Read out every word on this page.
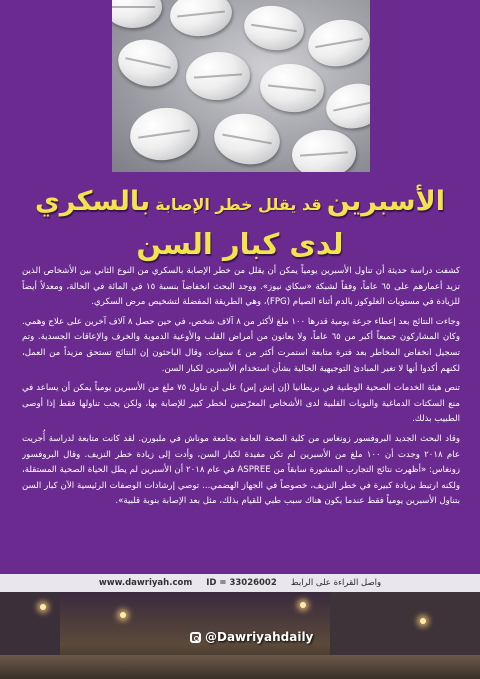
الأسبرين قد يقلل خطر الإصابة بالسكري
لدى كبار السن

كشفت دراسة حديثة أن تناول الأسبرين يومياً يمكن أن يقلل من خطر الإصابة بالسكري من النوع الثاني بين الأشخاص الذين تزيد أعمارهم على ٦٥ عاماً، وفقاً لشبكة «سكاي نيوز». ووجد البحث انخفاضاً بنسبة ١٥ في المائة في الحالة، ومعدلاً أيضاً للزيادة في مستويات الغلوكوز بالدم أثناء الصيام (FPG)، وهي الطريقة المفضلة لتشخيص مرض السكري.

وجاءت النتائج بعد إعطاء جرعة يومية قدرها ١٠٠ ملغ لأكثر من ٨ آلاف شخص، في حين حصل ٨ آلاف آخرين على علاج وهمي. وكان المشاركون جميعاً أكبر من ٦٥ عاماً، ولا يعانون من أمراض القلب والأوعية الدموية والخرف والإعاقات الجسدية. وتم تسجيل انخفاض المخاطر بعد فترة متابعة استمرت أكثر من ٤ سنوات. وقال الباحثون إن النتائج تستحق مزيداً من العمل، لكنهم أكدوا أنها لا تغير المبادئ التوجيهية الحالية بشأن استخدام الأسبرين لكبار السن.

تنص هيئة الخدمات الصحية الوطنية في بريطانيا (إن إتش إس) على أن تناول ٧٥ ملغ من الأسبرين يومياً يمكن أن يساعد في منع السكتات الدماغية والنوبات القلبية لدى الأشخاص المعرّضين لخطر كبير للإصابة بها، ولكن يجب تناولها فقط إذا أوصى الطبيب بذلك.

وقاد البحث الجديد البروفسور زونغاس من كلية الصحة العامة بجامعة موناش في ملبورن. لقد كانت متابعة لدراسة أُجريت عام ٢٠١٨ وجدت أن ١٠٠ ملغ من الأسبرين لم تكن مفيدة لكبار السن، وأدت إلى زيادة خطر النزيف. وقال البروفسور زونغاس: «أظهرت نتائج التجارب المنشورة سابقاً من ASPREE في عام ٢٠١٨ أن الأسبرين لم يطل الحياة الصحية المستقلة، ولكنه ارتبط بزيادة كبيرة في خطر النزيف، خصوصاً في الجهاز الهضمي... توصي إرشادات الوصفات الرئيسية الآن كبار السن بتناول الأسبرين يومياً فقط عندما يكون هناك سبب طبي للقيام بذلك، مثل بعد الإصابة بنوبة قلبية».

واصل القراءة على الرابط
ID = 33026002
www.dawriyah.com
@Dawriyahdaily
